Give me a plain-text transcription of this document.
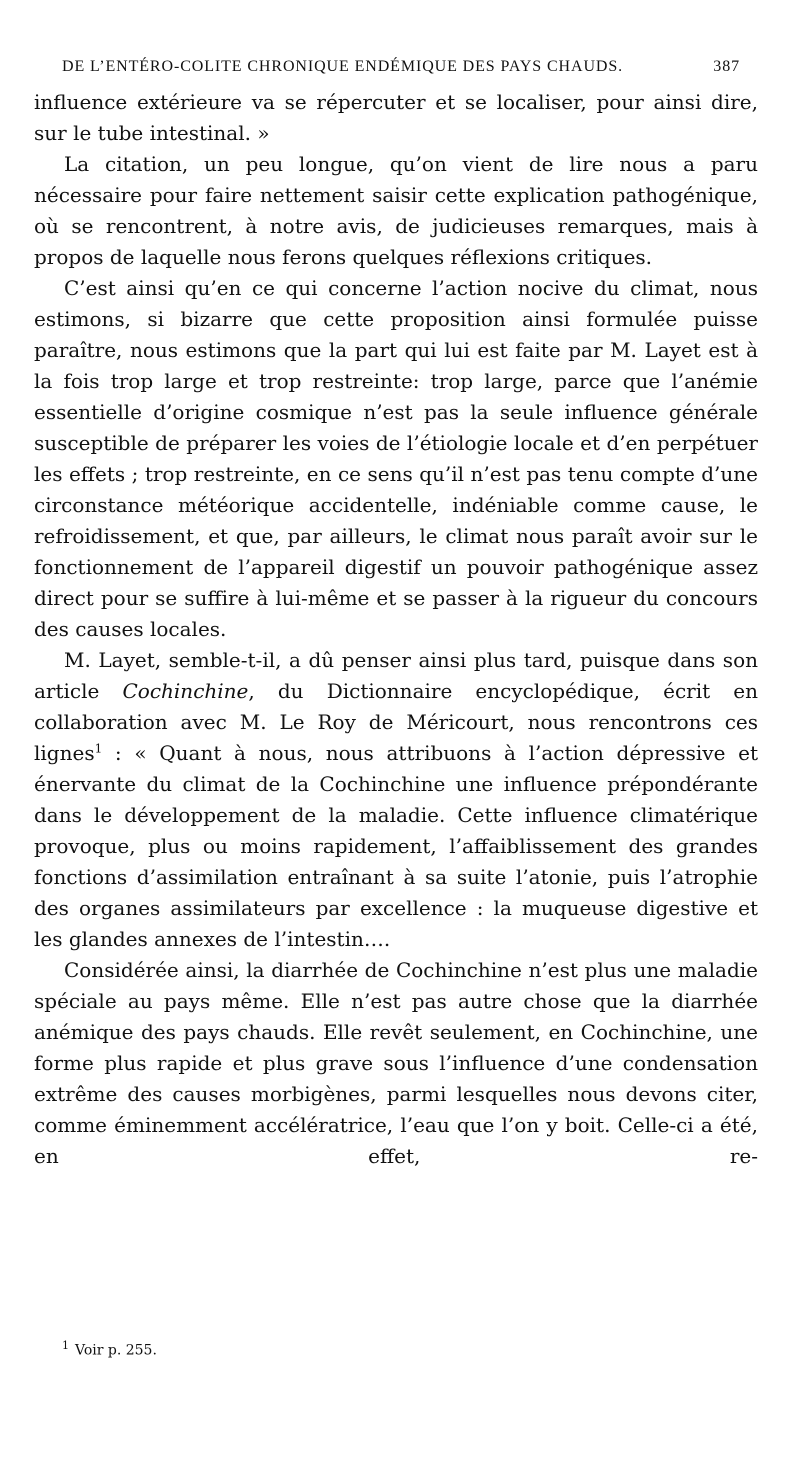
DE L’ENTÉRO-COLITE CHRONIQUE ENDÉMIQUE DES PAYS CHAUDS.	387

influence extérieure va se répercuter et se localiser, pour ainsi dire, sur le tube intestinal. »

La citation, un peu longue, qu’on vient de lire nous a paru nécessaire pour faire nettement saisir cette explication pathogénique, où se rencontrent, à notre avis, de judicieuses remarques, mais à propos de laquelle nous ferons quelques réflexions critiques.

C’est ainsi qu’en ce qui concerne l’action nocive du climat, nous estimons, si bizarre que cette proposition ainsi formulée puisse paraître, nous estimons que la part qui lui est faite par M. Layet est à la fois trop large et trop restreinte: trop large, parce que l’anémie essentielle d’origine cosmique n’est pas la seule influence générale susceptible de préparer les voies de l’étiologie locale et d’en perpétuer les effets ; trop restreinte, en ce sens qu’il n’est pas tenu compte d’une circonstance météorique accidentelle, indéniable comme cause, le refroidissement, et que, par ailleurs, le climat nous paraît avoir sur le fonctionnement de l’appareil digestif un pouvoir pathogénique assez direct pour se suffire à lui-même et se passer à la rigueur du concours des causes locales.

M. Layet, semble-t-il, a dû penser ainsi plus tard, puisque dans son article Cochinchine, du Dictionnaire encyclopédique, écrit en collaboration avec M. Le Roy de Méricourt, nous rencontrons ces lignes$^1$ : « Quant à nous, nous attribuons à l’action dépressive et énervante du climat de la Cochinchine une influence prépondérante dans le développement de la maladie. Cette influence climatérique provoque, plus ou moins rapidement, l’affaiblissement des grandes fonctions d’assimilation entraînant à sa suite l’atonie, puis l’atrophie des organes assimilateurs par excellence : la muqueuse digestive et les glandes annexes de l’intestin….

Considérée ainsi, la diarrhée de Cochinchine n’est plus une maladie spéciale au pays même. Elle n’est pas autre chose que la diarrhée anémique des pays chauds. Elle revêt seulement, en Cochinchine, une forme plus rapide et plus grave sous l’influence d’une condensation extrême des causes morbigènes, parmi lesquelles nous devons citer, comme éminemment accélératrice, l’eau que l’on y boit. Celle-ci a été, en effet, re-

$^1$ Voir p. 255.
